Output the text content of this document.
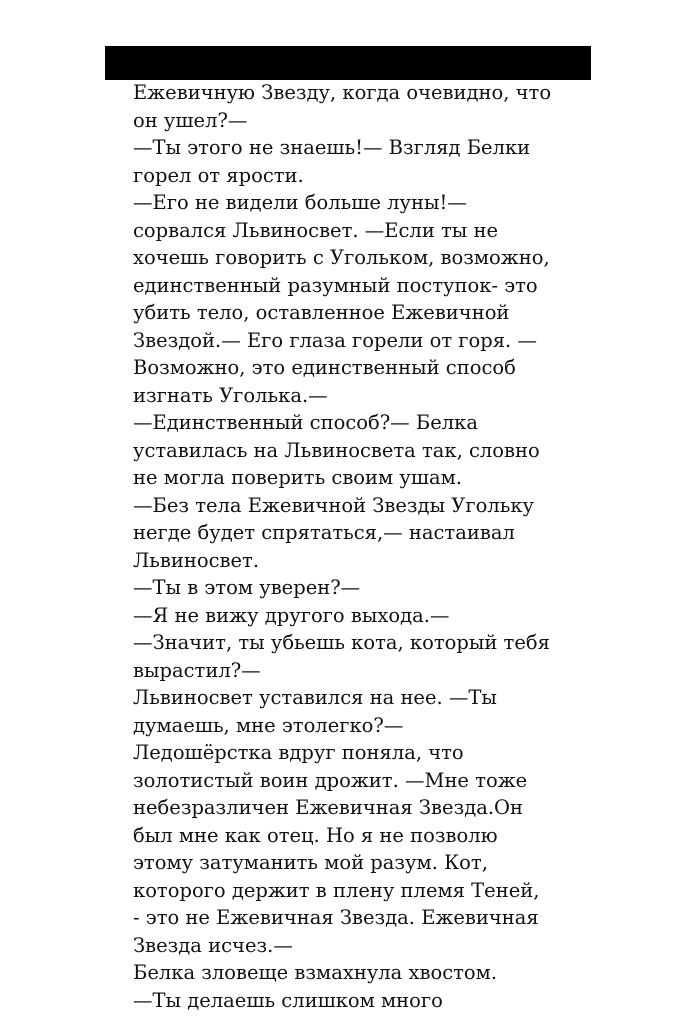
Ежевичную Звезду, когда очевидно, что
он ушел?—
—Ты этого не знаешь!— Взгляд Белки
горел от ярости.
—Его не видели больше луны!—
сорвался Львиносвет. —Если ты не
хочешь говорить с Угольком, возможно,
единственный разумный поступок- это
убить тело, оставленное Ежевичной
Звездой.— Его глаза горели от горя. —
Возможно, это единственный способ
изгнать Уголька.—
—Единственный способ?— Белка
уставилась на Львиносвета так, словно
не могла поверить своим ушам.
—Без тела Ежевичной Звезды Угольку
негде будет спрятаться,— настаивал
Львиносвет.
—Ты в этом уверен?—
—Я не вижу другого выхода.—
—Значит, ты убьешь кота, который тебя
вырастил?—
Львиносвет уставился на нее. —Ты
думаешь, мне этолегко?—
Ледошёрстка вдруг поняла, что
золотистый воин дрожит. —Мне тоже
небезразличен Ежевичная Звезда.Он
был мне как отец. Но я не позволю
этому затуманить мой разум. Кот,
которого держит в плену племя Теней,
- это не Ежевичная Звезда. Ежевичная
Звезда исчез.—
Белка зловеще взмахнула хвостом.
—Ты делаешь слишком много
